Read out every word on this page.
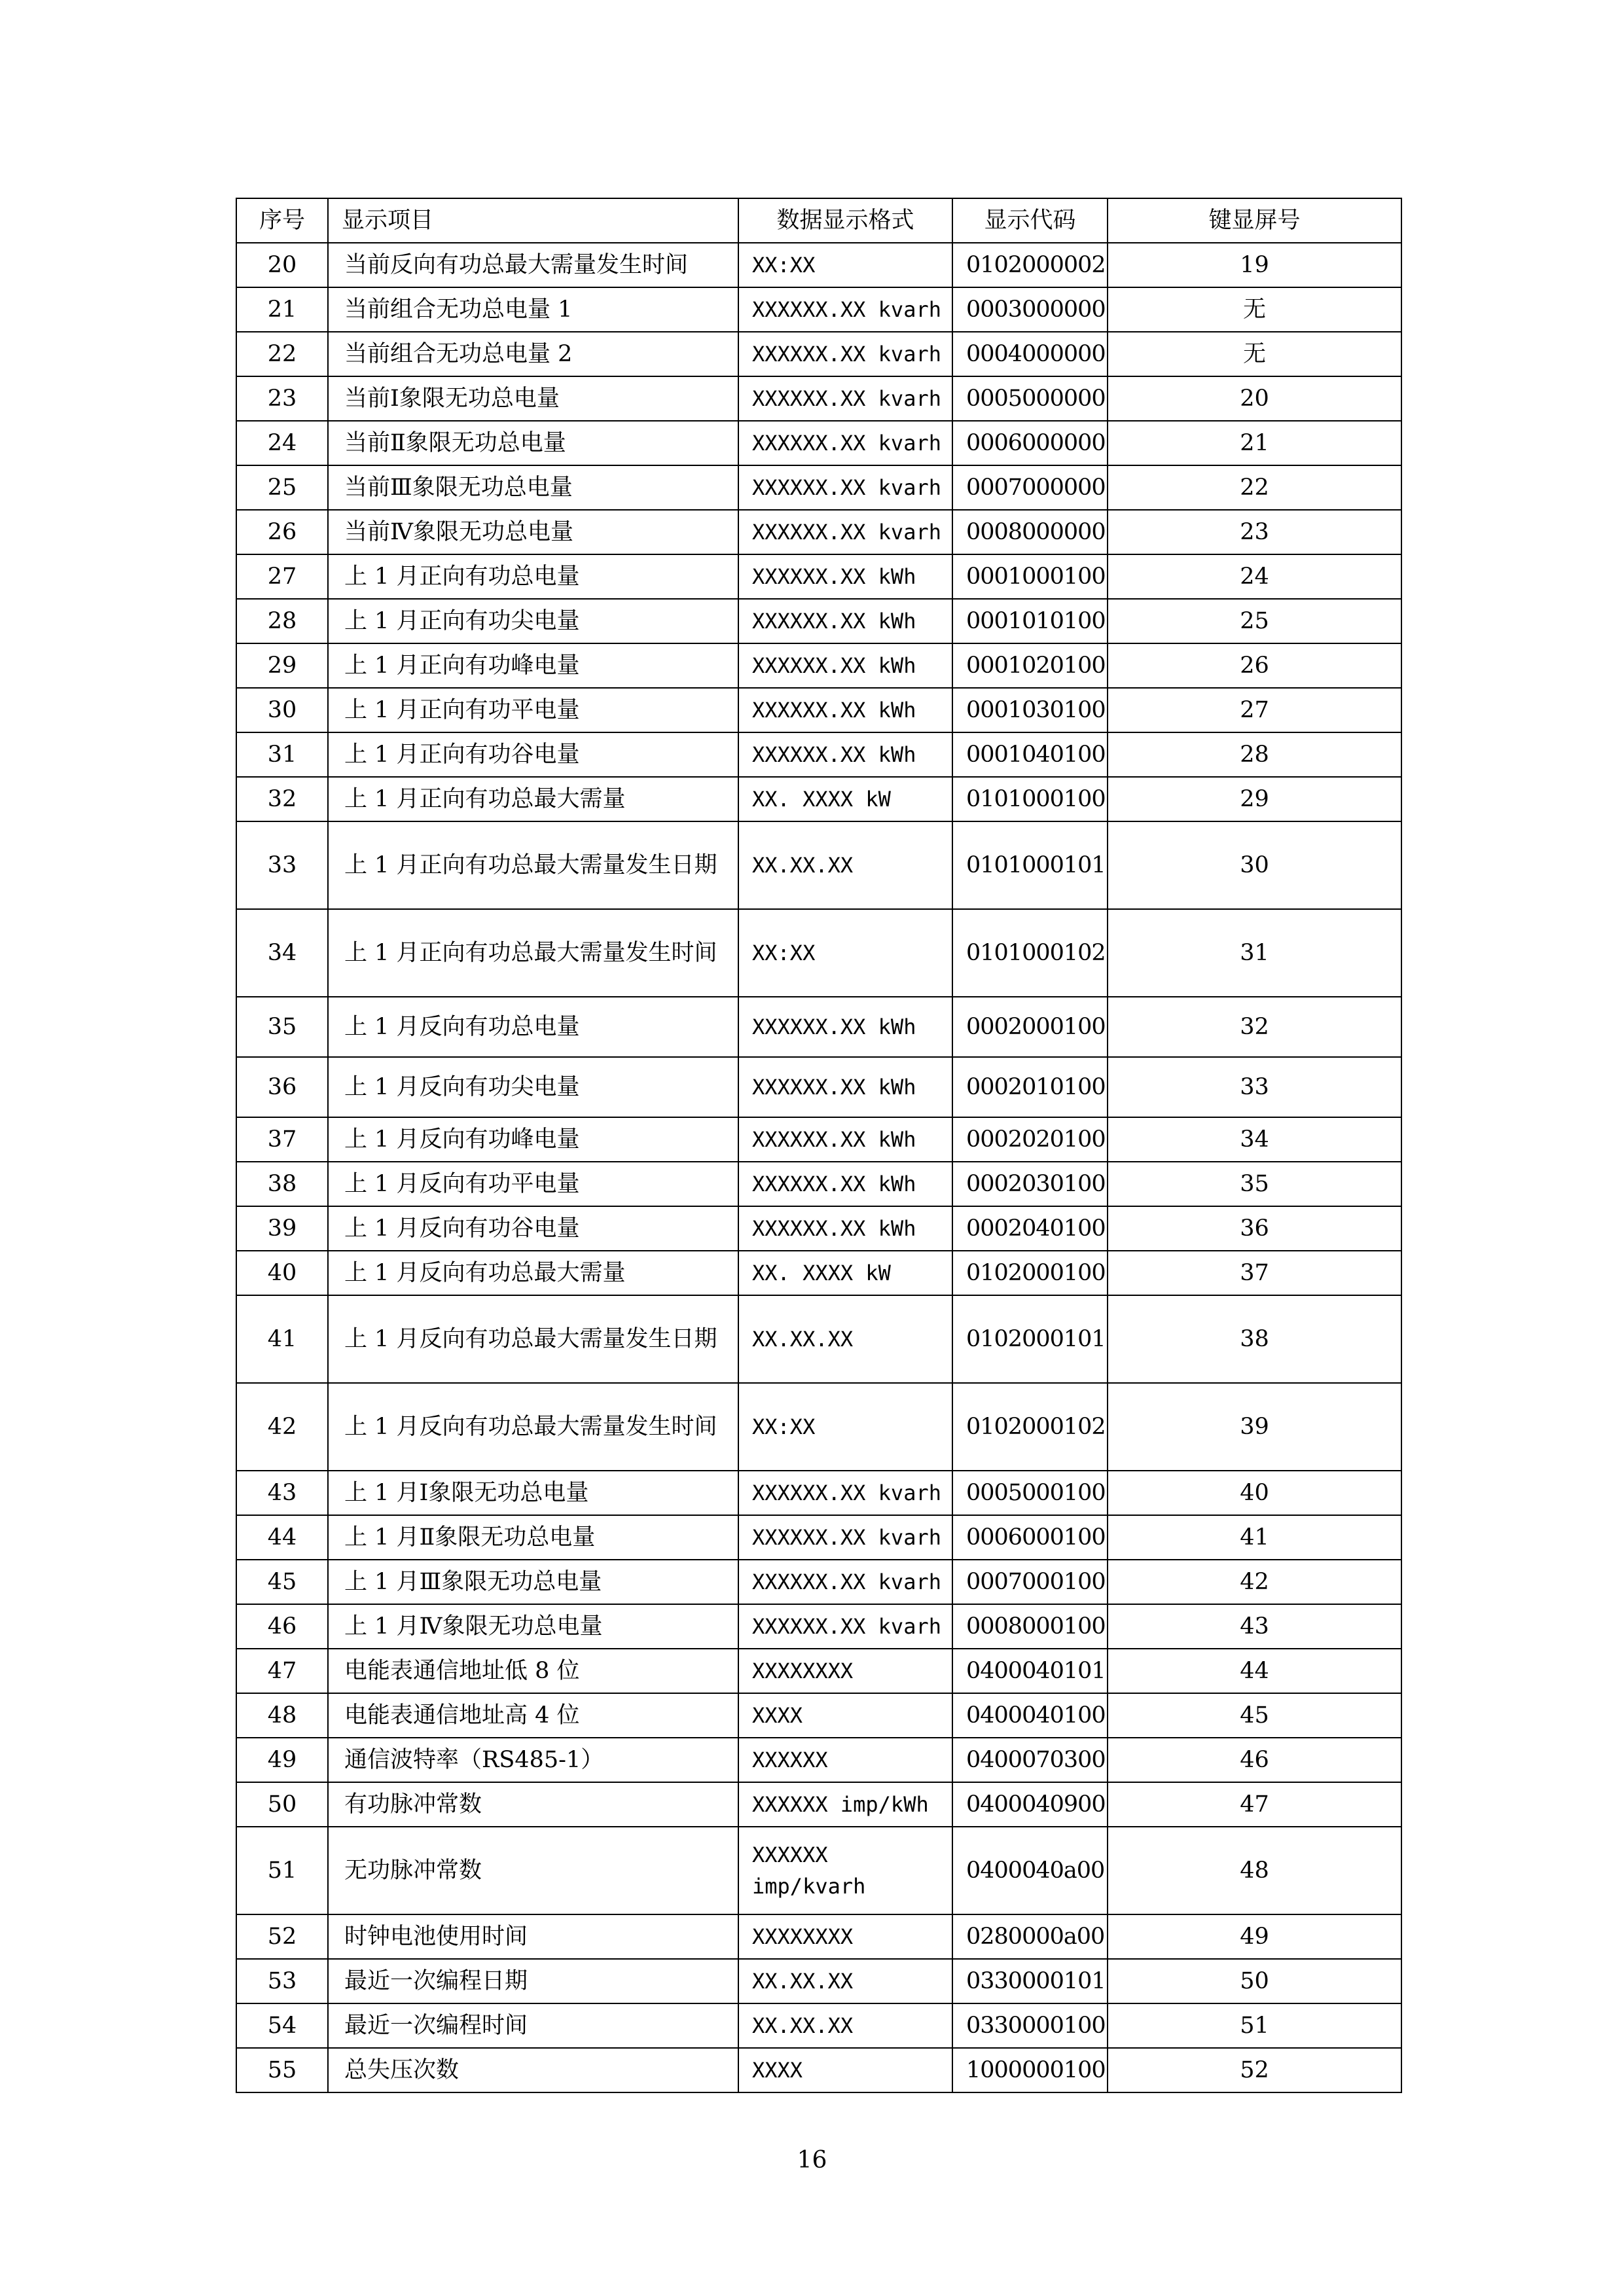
序号	显示项目	数据显示格式	显示代码	键显屏号
20	当前反向有功总最大需量发生时间	XX:XX	0102000002	19
21	当前组合无功总电量 1	XXXXXX.XX kvarh	0003000000	无
22	当前组合无功总电量 2	XXXXXX.XX kvarh	0004000000	无
23	当前Ⅰ象限无功总电量	XXXXXX.XX kvarh	0005000000	20
24	当前Ⅱ象限无功总电量	XXXXXX.XX kvarh	0006000000	21
25	当前Ⅲ象限无功总电量	XXXXXX.XX kvarh	0007000000	22
26	当前Ⅳ象限无功总电量	XXXXXX.XX kvarh	0008000000	23
27	上 1 月正向有功总电量	XXXXXX.XX kWh	0001000100	24
28	上 1 月正向有功尖电量	XXXXXX.XX kWh	0001010100	25
29	上 1 月正向有功峰电量	XXXXXX.XX kWh	0001020100	26
30	上 1 月正向有功平电量	XXXXXX.XX kWh	0001030100	27
31	上 1 月正向有功谷电量	XXXXXX.XX kWh	0001040100	28
32	上 1 月正向有功总最大需量	XX. XXXX kW	0101000100	29
33	上 1 月正向有功总最大需量发生日期	XX.XX.XX	0101000101	30
34	上 1 月正向有功总最大需量发生时间	XX:XX	0101000102	31
35	上 1 月反向有功总电量	XXXXXX.XX kWh	0002000100	32
36	上 1 月反向有功尖电量	XXXXXX.XX kWh	0002010100	33
37	上 1 月反向有功峰电量	XXXXXX.XX kWh	0002020100	34
38	上 1 月反向有功平电量	XXXXXX.XX kWh	0002030100	35
39	上 1 月反向有功谷电量	XXXXXX.XX kWh	0002040100	36
40	上 1 月反向有功总最大需量	XX. XXXX kW	0102000100	37
41	上 1 月反向有功总最大需量发生日期	XX.XX.XX	0102000101	38
42	上 1 月反向有功总最大需量发生时间	XX:XX	0102000102	39
43	上 1 月Ⅰ象限无功总电量	XXXXXX.XX kvarh	0005000100	40
44	上 1 月Ⅱ象限无功总电量	XXXXXX.XX kvarh	0006000100	41
45	上 1 月Ⅲ象限无功总电量	XXXXXX.XX kvarh	0007000100	42
46	上 1 月Ⅳ象限无功总电量	XXXXXX.XX kvarh	0008000100	43
47	电能表通信地址低 8 位	XXXXXXXX	0400040101	44
48	电能表通信地址高 4 位	XXXX	0400040100	45
49	通信波特率（RS485-1）	XXXXXX	0400070300	46
50	有功脉冲常数	XXXXXX imp/kWh	0400040900	47
51	无功脉冲常数	XXXXXX imp/kvarh	0400040a00	48
52	时钟电池使用时间	XXXXXXXX	0280000a00	49
53	最近一次编程日期	XX.XX.XX	0330000101	50
54	最近一次编程时间	XX.XX.XX	0330000100	51
55	总失压次数	XXXX	1000000100	52
16
